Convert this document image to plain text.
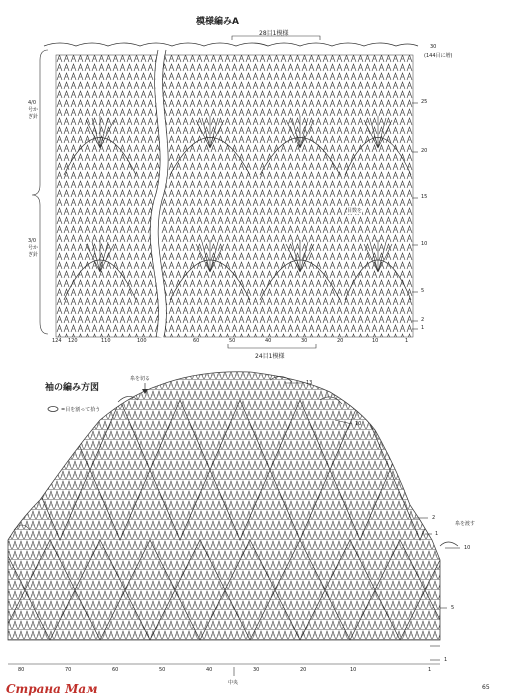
模様編みA
28目1模様
30
(144目に増)
4/0号かぎ針
3/0号かぎ針
目数を
25
20
15
10
5
2
1
124 120	110	100	60	50	40	30	20	10	1
24目1模様
袖の編み方図
=目を割って拾う
糸を切る
糸を渡す
中央
13
10
2
1
10
5
1
80	70	60	50	40	30	20	10	1
Страна Мам	65
